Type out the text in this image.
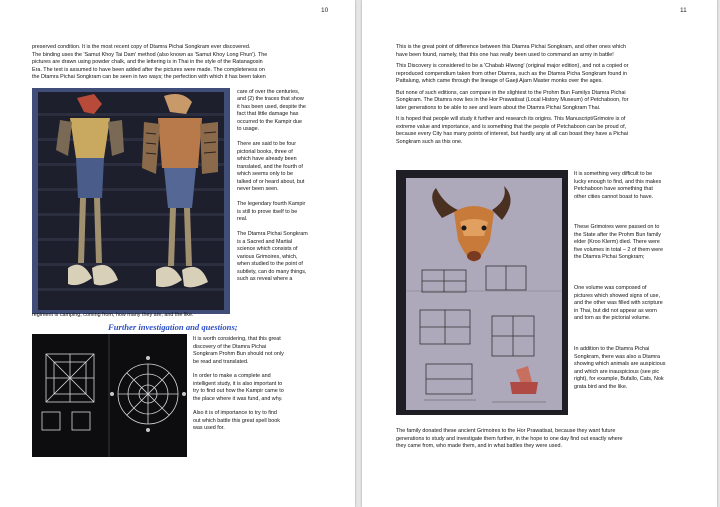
10

preserved condition. It is the most recent copy of Dtamra Pichai Songkram ever discovered.

The binding uses the 'Samut Khoy Tai Dam' method (also known as 'Samut Khoy Long Fhun'). The

pictures are drawn using powder chalk, and the lettering is in Thai in the style of the Ratanagosin

Era. The text is assumed to have been added after the pictures were made. The completeness on

the Dtamra Pichai Songkram can be seen in two ways; the perfection with which it has been taken

care of over the centuries,

and (2) the traces that show

it has been used, despite the

fact that little damage has

occurred to the Kampir due

to usage.

There are said to be four

pictorial books, three of

which have already been

translated, and the fourth of

which seems only to be

talked of or heard about, but

never been seen.

The legendary fourth Kampir

is still to prove itself to be

real.

The Dtamra Pichai Songkram

is a Sacred and Martial

science which consists of

various Grimoires, which,

when studied to the point of

subtlety, can do many things,

such as reveal where a

regiment is camping, coming from, how many they are, and the like.

Further investigation and questions;

It is worth considering, that this great

discovery of the Dtamra Pichai

Songkram Prohm Bun should not only

be read and translated.

In order to make a complete and

intelligent study, it is also important to

try to find out how the Kampir came to

the place where it was fund, and why.

Also it is of importance to try to find

out which battle this great spell book

was used for.

11

This is the great point of difference between this Dtamra Pichai Songkram, and other ones which

have been found, namely, that this one has really been used to command an army in battle!

This Discovery is considered to be a 'Chabab Hlwong' (original major edition), and not a copied or

reproduced compendium taken from other Dtamra, such as the Dtamra Picha Songkram found in

Pattalung, which came through the lineage of Gaeji Ajarn Master monks over the ages.

But none of such editions, can compare in the slightest to the Prohm Bun Familys Dtamra Pichai

Songkram. The Dtamra now lies in the Hor Prawatisat (Local History Museum) of Petchaboon, for

later generations to be able to see and learn about the Dtamra Pichai Songkram Thai.

It is hoped that people will study it further and research its origins. This Manuscript/Grimoire is of

extreme value and importance, and is something that the people of Petchaboon can be proud of,

because every City has many points of interest, but hardly any at all can boast they have a Pichai

Songkram such as this one.

It is something very difficult to be

lucky enough to find, and this makes

Petchaboon have something that

other cities cannot boast to have.

These Grimoires were passed on to

the State after the Prohm Bun family

elder (Kroo Klerm) died. There were

five volumes in total – 2 of them were

the Dtamra Pichai Songkram;

One volume was composed of

pictures which showed signs of use,

and the other was filled with scripture

in Thai, but did not appear as worn

and torn as the pictorial volume.

In addition to the Dtamra Pichai

Songkram, there was also a Dtamra

showing which animals are auspicious

and which are inauspicious (see pic

right), for example, Bufallo, Cats, Nok

grata bird and the like.

The family donated these ancient Grimoires to the Hor Prawatisat, because they want future

generations to study and investigate them further, in the hope to one day find out exactly where

they came from, who made them, and in what battles they were used.
